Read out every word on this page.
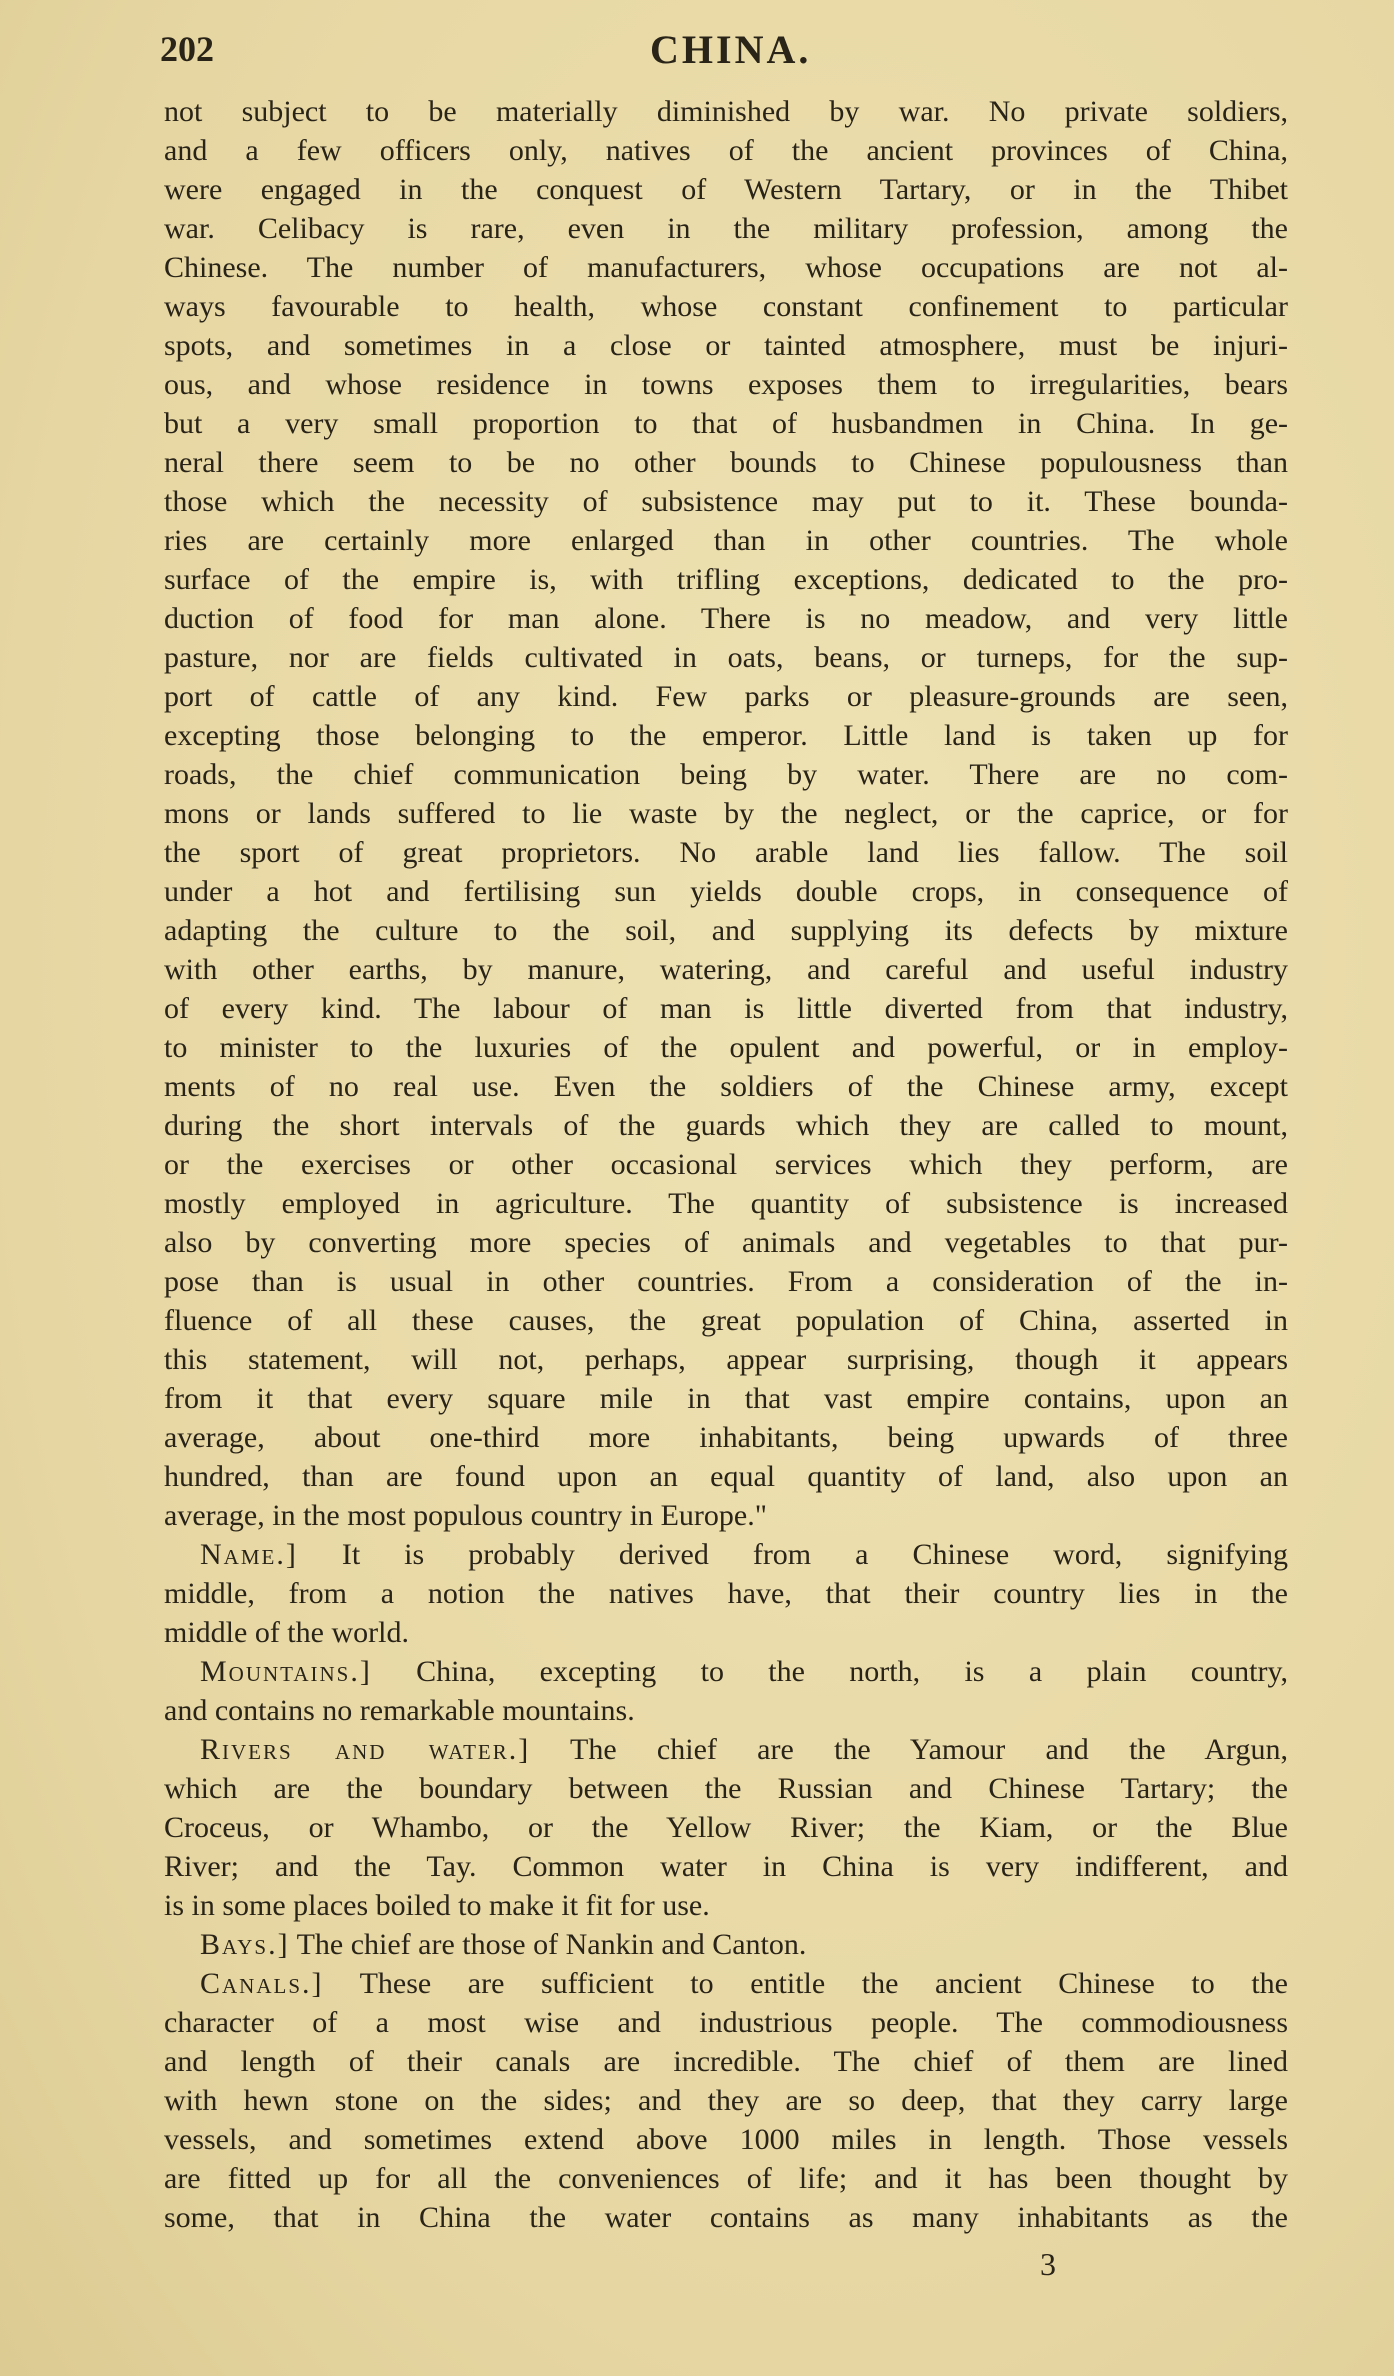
202	CHINA.
not subject to be materially diminished by war. No private soldiers,
and a few officers only, natives of the ancient provinces of China,
were engaged in the conquest of Western Tartary, or in the Thibet
war. Celibacy is rare, even in the military profession, among the
Chinese. The number of manufacturers, whose occupations are not al-
ways favourable to health, whose constant confinement to particular
spots, and sometimes in a close or tainted atmosphere, must be injuri-
ous, and whose residence in towns exposes them to irregularities, bears
but a very small proportion to that of husbandmen in China. In ge-
neral there seem to be no other bounds to Chinese populousness than
those which the necessity of subsistence may put to it. These bounda-
ries are certainly more enlarged than in other countries. The whole
surface of the empire is, with trifling exceptions, dedicated to the pro-
duction of food for man alone. There is no meadow, and very little
pasture, nor are fields cultivated in oats, beans, or turneps, for the sup-
port of cattle of any kind. Few parks or pleasure-grounds are seen,
excepting those belonging to the emperor. Little land is taken up for
roads, the chief communication being by water. There are no com-
mons or lands suffered to lie waste by the neglect, or the caprice, or for
the sport of great proprietors. No arable land lies fallow. The soil
under a hot and fertilising sun yields double crops, in consequence of
adapting the culture to the soil, and supplying its defects by mixture
with other earths, by manure, watering, and careful and useful industry
of every kind. The labour of man is little diverted from that industry,
to minister to the luxuries of the opulent and powerful, or in employ-
ments of no real use. Even the soldiers of the Chinese army, except
during the short intervals of the guards which they are called to mount,
or the exercises or other occasional services which they perform, are
mostly employed in agriculture. The quantity of subsistence is increased
also by converting more species of animals and vegetables to that pur-
pose than is usual in other countries. From a consideration of the in-
fluence of all these causes, the great population of China, asserted in
this statement, will not, perhaps, appear surprising, though it appears
from it that every square mile in that vast empire contains, upon an
average, about one-third more inhabitants, being upwards of three
hundred, than are found upon an equal quantity of land, also upon an
average, in the most populous country in Europe."
Name.] It is probably derived from a Chinese word, signifying
middle, from a notion the natives have, that their country lies in the
middle of the world.
Mountains.] China, excepting to the north, is a plain country,
and contains no remarkable mountains.
Rivers and water.] The chief are the Yamour and the Argun,
which are the boundary between the Russian and Chinese Tartary; the
Croceus, or Whambo, or the Yellow River; the Kiam, or the Blue
River; and the Tay. Common water in China is very indifferent, and
is in some places boiled to make it fit for use.
Bays.] The chief are those of Nankin and Canton.
Canals.] These are sufficient to entitle the ancient Chinese to the
character of a most wise and industrious people. The commodiousness
and length of their canals are incredible. The chief of them are lined
with hewn stone on the sides; and they are so deep, that they carry large
vessels, and sometimes extend above 1000 miles in length. Those vessels
are fitted up for all the conveniences of life; and it has been thought by
some, that in China the water contains as many inhabitants as the
3
